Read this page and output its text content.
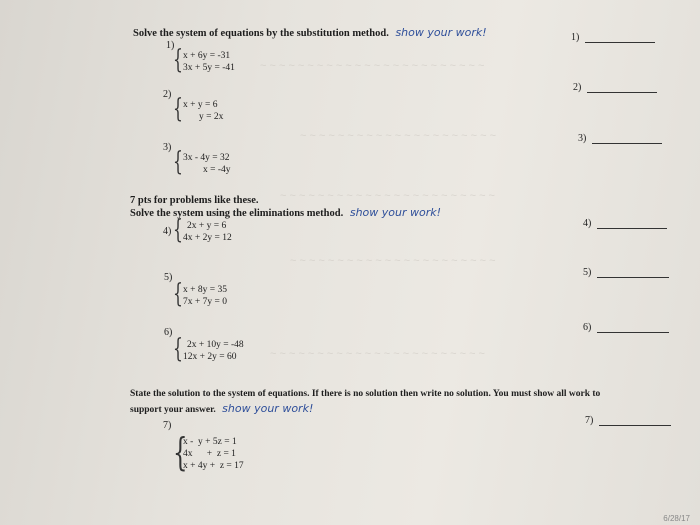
~ ~ ~ ~ ~ ~ ~ ~ ~ ~ ~ ~ ~ ~ ~ ~ ~ ~ ~ ~ ~ ~ ~ ~
~ ~ ~ ~ ~ ~ ~ ~ ~ ~ ~ ~ ~ ~ ~ ~ ~ ~ ~ ~ ~
~ ~ ~ ~ ~ ~ ~ ~ ~ ~ ~ ~ ~ ~ ~ ~ ~ ~ ~ ~ ~ ~ ~
~ ~ ~ ~ ~ ~ ~ ~ ~ ~ ~ ~ ~ ~ ~ ~ ~ ~ ~ ~ ~ ~
~ ~ ~ ~ ~ ~ ~ ~ ~ ~ ~ ~ ~ ~ ~ ~ ~ ~ ~ ~ ~ ~ ~
Solve the system of equations by the substitution method. show your work!
1)
{ x + 6y = -31
3x + 5y = -41
1)
2) { x + y = 6
y = 2x
2)
3)
3) { 3x - 4y = 32
x = -4y
7 pts for problems like these.
Solve the system using the eliminations method. show your work!
4) { 2x + y = 6
4x + 2y = 12
4)
5)
5)
{ x + 8y = 35
7x + 7y = 0
6)
6)
{ 2x + 10y = -48
12x + 2y = 60
State the solution to the system of equations. If there is no solution then write no solution. You must show all work to
support your answer. show your work!
7)	7)
{
x -  y + 5z = 1
4x      +  z = 1
x + 4y +  z = 17
6/28/17
